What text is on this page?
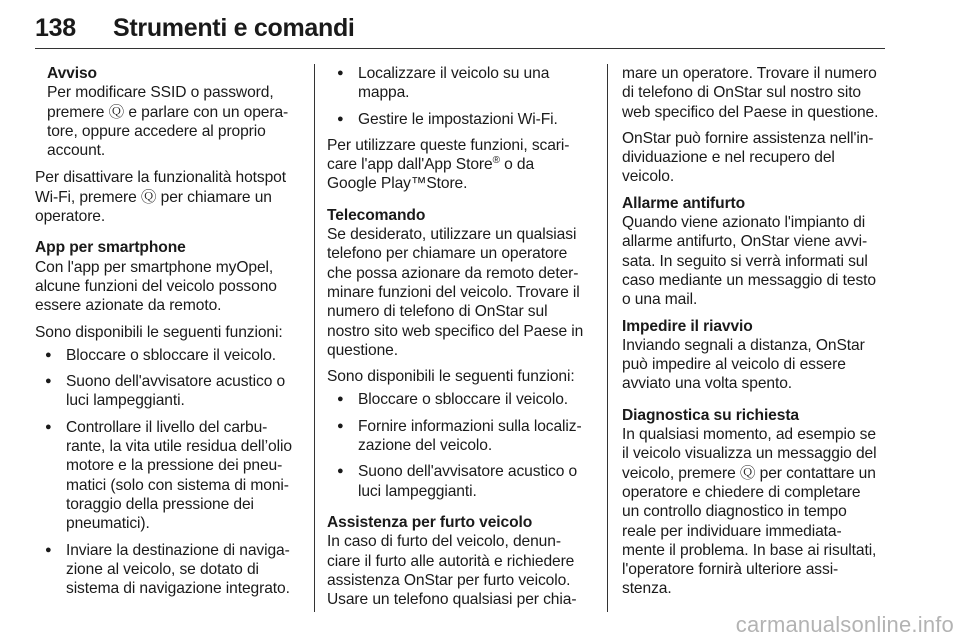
138 Strumenti e comandi
Avviso
Per modificare SSID o password,
premere Ⓠ e parlare con un opera-
tore, oppure accedere al proprio
account.
Per disattivare la funzionalità hotspot
Wi-Fi, premere Ⓠ per chiamare un
operatore.
App per smartphone
Con l'app per smartphone myOpel,
alcune funzioni del veicolo possono
essere azionate da remoto.
Sono disponibili le seguenti funzioni:
● Bloccare o sbloccare il veicolo.
● Suono dell'avvisatore acustico o
luci lampeggianti.
● Controllare il livello del carbu-
rante, la vita utile residua dell’olio
motore e la pressione dei pneu-
matici (solo con sistema di moni-
toraggio della pressione dei
pneumatici).
● Inviare la destinazione di naviga-
zione al veicolo, se dotato di
sistema di navigazione integrato.
● Localizzare il veicolo su una
mappa.
● Gestire le impostazioni Wi-Fi.
Per utilizzare queste funzioni, scari-
care l'app dall'App Store® o da
Google Play™Store.
Telecomando
Se desiderato, utilizzare un qualsiasi
telefono per chiamare un operatore
che possa azionare da remoto deter-
minare funzioni del veicolo. Trovare il
numero di telefono di OnStar sul
nostro sito web specifico del Paese in
questione.
Sono disponibili le seguenti funzioni:
● Bloccare o sbloccare il veicolo.
● Fornire informazioni sulla localiz-
zazione del veicolo.
● Suono dell'avvisatore acustico o
luci lampeggianti.
Assistenza per furto veicolo
In caso di furto del veicolo, denun-
ciare il furto alle autorità e richiedere
assistenza OnStar per furto veicolo.
Usare un telefono qualsiasi per chia-
mare un operatore. Trovare il numero
di telefono di OnStar sul nostro sito
web specifico del Paese in questione.
OnStar può fornire assistenza nell'in-
dividuazione e nel recupero del
veicolo.
Allarme antifurto
Quando viene azionato l'impianto di
allarme antifurto, OnStar viene avvi-
sata. In seguito si verrà informati sul
caso mediante un messaggio di testo
o una mail.
Impedire il riavvio
Inviando segnali a distanza, OnStar
può impedire al veicolo di essere
avviato una volta spento.
Diagnostica su richiesta
In qualsiasi momento, ad esempio se
il veicolo visualizza un messaggio del
veicolo, premere Ⓠ per contattare un
operatore e chiedere di completare
un controllo diagnostico in tempo
reale per individuare immediata-
mente il problema. In base ai risultati,
l'operatore fornirà ulteriore assi-
stenza.
carmanualsonline.info
